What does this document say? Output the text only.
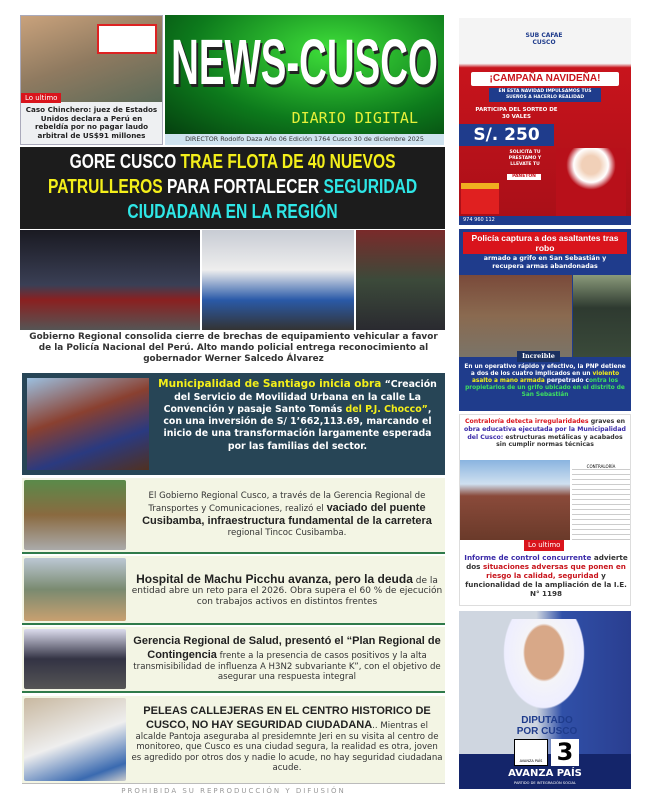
Lo ultimo
Caso Chinchero: juez de Estados Unidos declara a Perú en rebeldía por no pagar laudo arbitral de US$91 millones
NEWS-CUSCO
DIARIO DIGITAL
DIRECTOR Rodolfo Daza Año 06 Edición 1764 Cusco 30 de diciembre 2025
GORE CUSCO TRAE FLOTA DE 40 NUEVOS
PATRULLEROS PARA FORTALECER SEGURIDAD
CIUDADANA EN LA REGIÓN
Gobierno Regional consolida cierre de brechas de equipamiento vehicular a favor de la Policía Nacional del Perú. Alto mando policial entrega reconocimiento al gobernador Werner Salcedo Álvarez
Municipalidad de Santiago inicia obra “Creación del Servicio de Movilidad Urbana en la calle La Convención y pasaje Santo Tomás del P.J. Chocco”, con una inversión de S/ 1’662,113.69, marcando el inicio de una transformación largamente esperada por las familias del sector.
El Gobierno Regional Cusco, a través de la Gerencia Regional de Transportes y Comunicaciones, realizó el vaciado del puente Cusibamba, infraestructura fundamental de la carretera regional Tincoc Cusibamba.
Hospital de Machu Picchu avanza, pero la deuda de la entidad abre un reto para el 2026. Obra supera el 60 % de ejecución con trabajos activos en distintos frentes
Gerencia Regional de Salud, presentó el “Plan Regional de Contingencia frente a la presencia de casos positivos y la alta transmisibilidad de influenza A H3N2 subvariante K”, con el objetivo de asegurar una respuesta integral
PELEAS CALLEJERAS EN EL CENTRO HISTORICO DE CUSCO, NO HAY SEGURIDAD CIUDADANA.. Mientras el alcalde Pantoja aseguraba al presidemnte Jeri en su visita al centro de monitoreo, que Cusco es una ciudad segura, la realidad es otra, joven es agredido por otros dos y nadie lo acude, no hay seguridad ciudadana acude.
SUB CAFAE CUSCO
¡CAMPAÑA NAVIDEÑA!
EN ESTA NAVIDAD IMPULSAMOS TUS SUEÑOS A HACERLO REALIDAD
PARTICIPA DEL SORTEO DE 30 VALES
S/. 250
SOLICITA TU PRESTAMO Y LLEVATE TU
PANETON
974 960 112
Policía captura a dos asaltantes tras robo
armado a grifo en San Sebastián y recupera armas abandonadas
Increible
En un operativo rápido y efectivo, la PNP detiene a dos de los cuatro implicados en un violento asalto a mano armada perpetrado contra los propietarios de un grifo ubicado en el distrito de San Sebastián
Contraloría detecta irregularidades graves en obra educativa ejecutada por la Municipalidad del Cusco: estructuras metálicas y acabados sin cumplir normas técnicas
CONTRALORÍA
Lo ultimo
Informe de control concurrente advierte dos situaciones adversas que ponen en riesgo la calidad, seguridad y funcionalidad de la ampliación de la I.E. N° 1198
DIPUTADO
POR CUSCO
AVANZA PAÍS 3
AVANZA PAÍS
PARTIDO DE INTEGRACIÓN SOCIAL
PROHIBIDA SU REPRODUCCIÓN Y DIFUSIÓN
